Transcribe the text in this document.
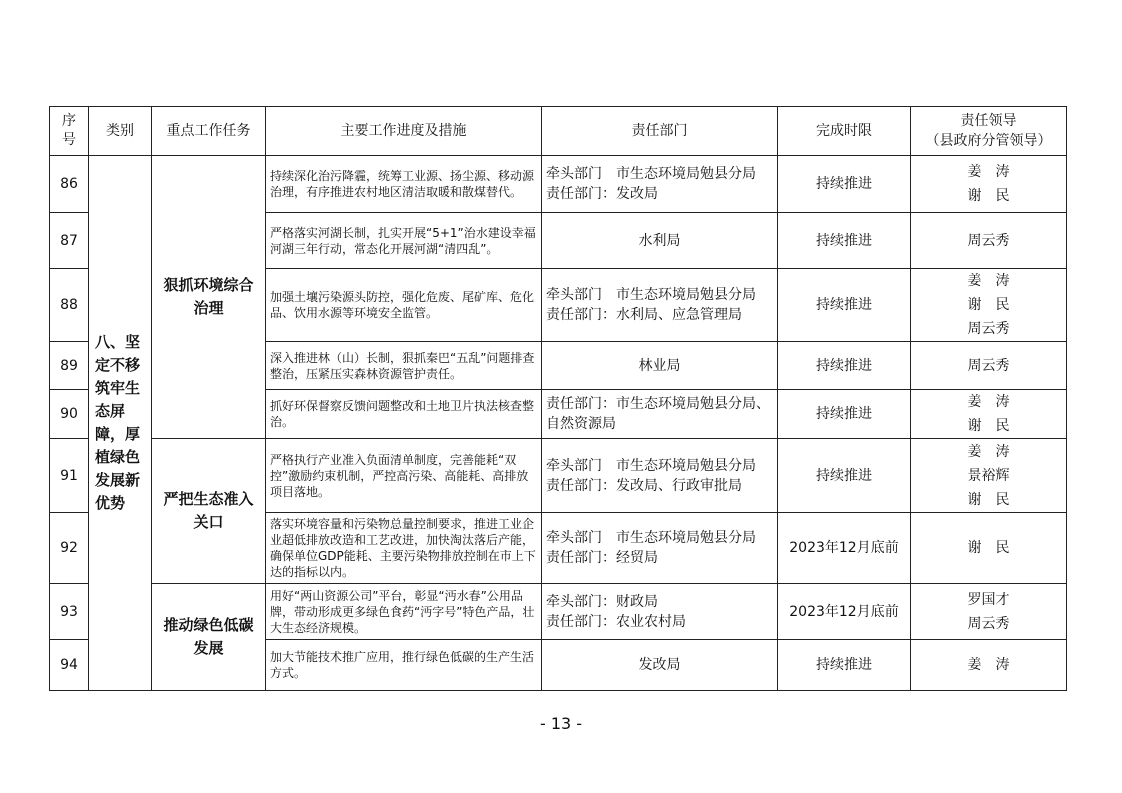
序号	类别	重点工作任务	主要工作进度及措施	责任部门	完成时限	责任领导
（县政府分管领导）
86	八、坚定不移筑牢生态屏障，厚植绿色发展新优势	狠抓环境综合治理	持续深化治污降霾，统筹工业源、扬尘源、移动源治理，有序推进农村地区清洁取暖和散煤替代。	牵头部门　市生态环境局勉县分局
责任部门：发改局	持续推进	姜　涛
谢　民

87			严格落实河湖长制，扎实开展“5+1”治水建设幸福河湖三年行动，常态化开展河湖“清四乱”。	水利局	持续推进	周云秀
88			加强土壤污染源头防控，强化危废、尾矿库、危化品、饮用水源等环境安全监管。	牵头部门　市生态环境局勉县分局
责任部门：水利局、应急管理局	持续推进	姜　涛
谢　民
周云秀

89			深入推进林（山）长制，狠抓秦巴“五乱”问题排查整治，压紧压实森林资源管护责任。	林业局	持续推进	周云秀
90			抓好环保督察反馈问题整改和土地卫片执法核查整治。	责任部门：市生态环境局勉县分局、自然资源局	持续推进	姜　涛
谢　民

91		严把生态准入关口	严格执行产业准入负面清单制度，完善能耗“双控”激励约束机制，严控高污染、高能耗、高排放项目落地。	牵头部门　市生态环境局勉县分局
责任部门：发改局、行政审批局	持续推进	姜　涛
景裕辉
谢　民

92			落实环境容量和污染物总量控制要求，推进工业企业超低排放改造和工艺改进，加快淘汰落后产能，确保单位GDP能耗、主要污染物排放控制在市上下达的指标以内。	牵头部门　市生态环境局勉县分局
责任部门：经贸局	2023年12月底前	谢　民
93		推动绿色低碳发展	用好“两山资源公司”平台，彰显“沔水春”公用品牌，带动形成更多绿色食药“沔字号”特色产品，壮大生态经济规模。	牵头部门：财政局
责任部门：农业农村局	2023年12月底前	罗国才
周云秀

94			加大节能技术推广应用，推行绿色低碳的生产生活方式。	发改局	持续推进	姜　涛
- 13 -
